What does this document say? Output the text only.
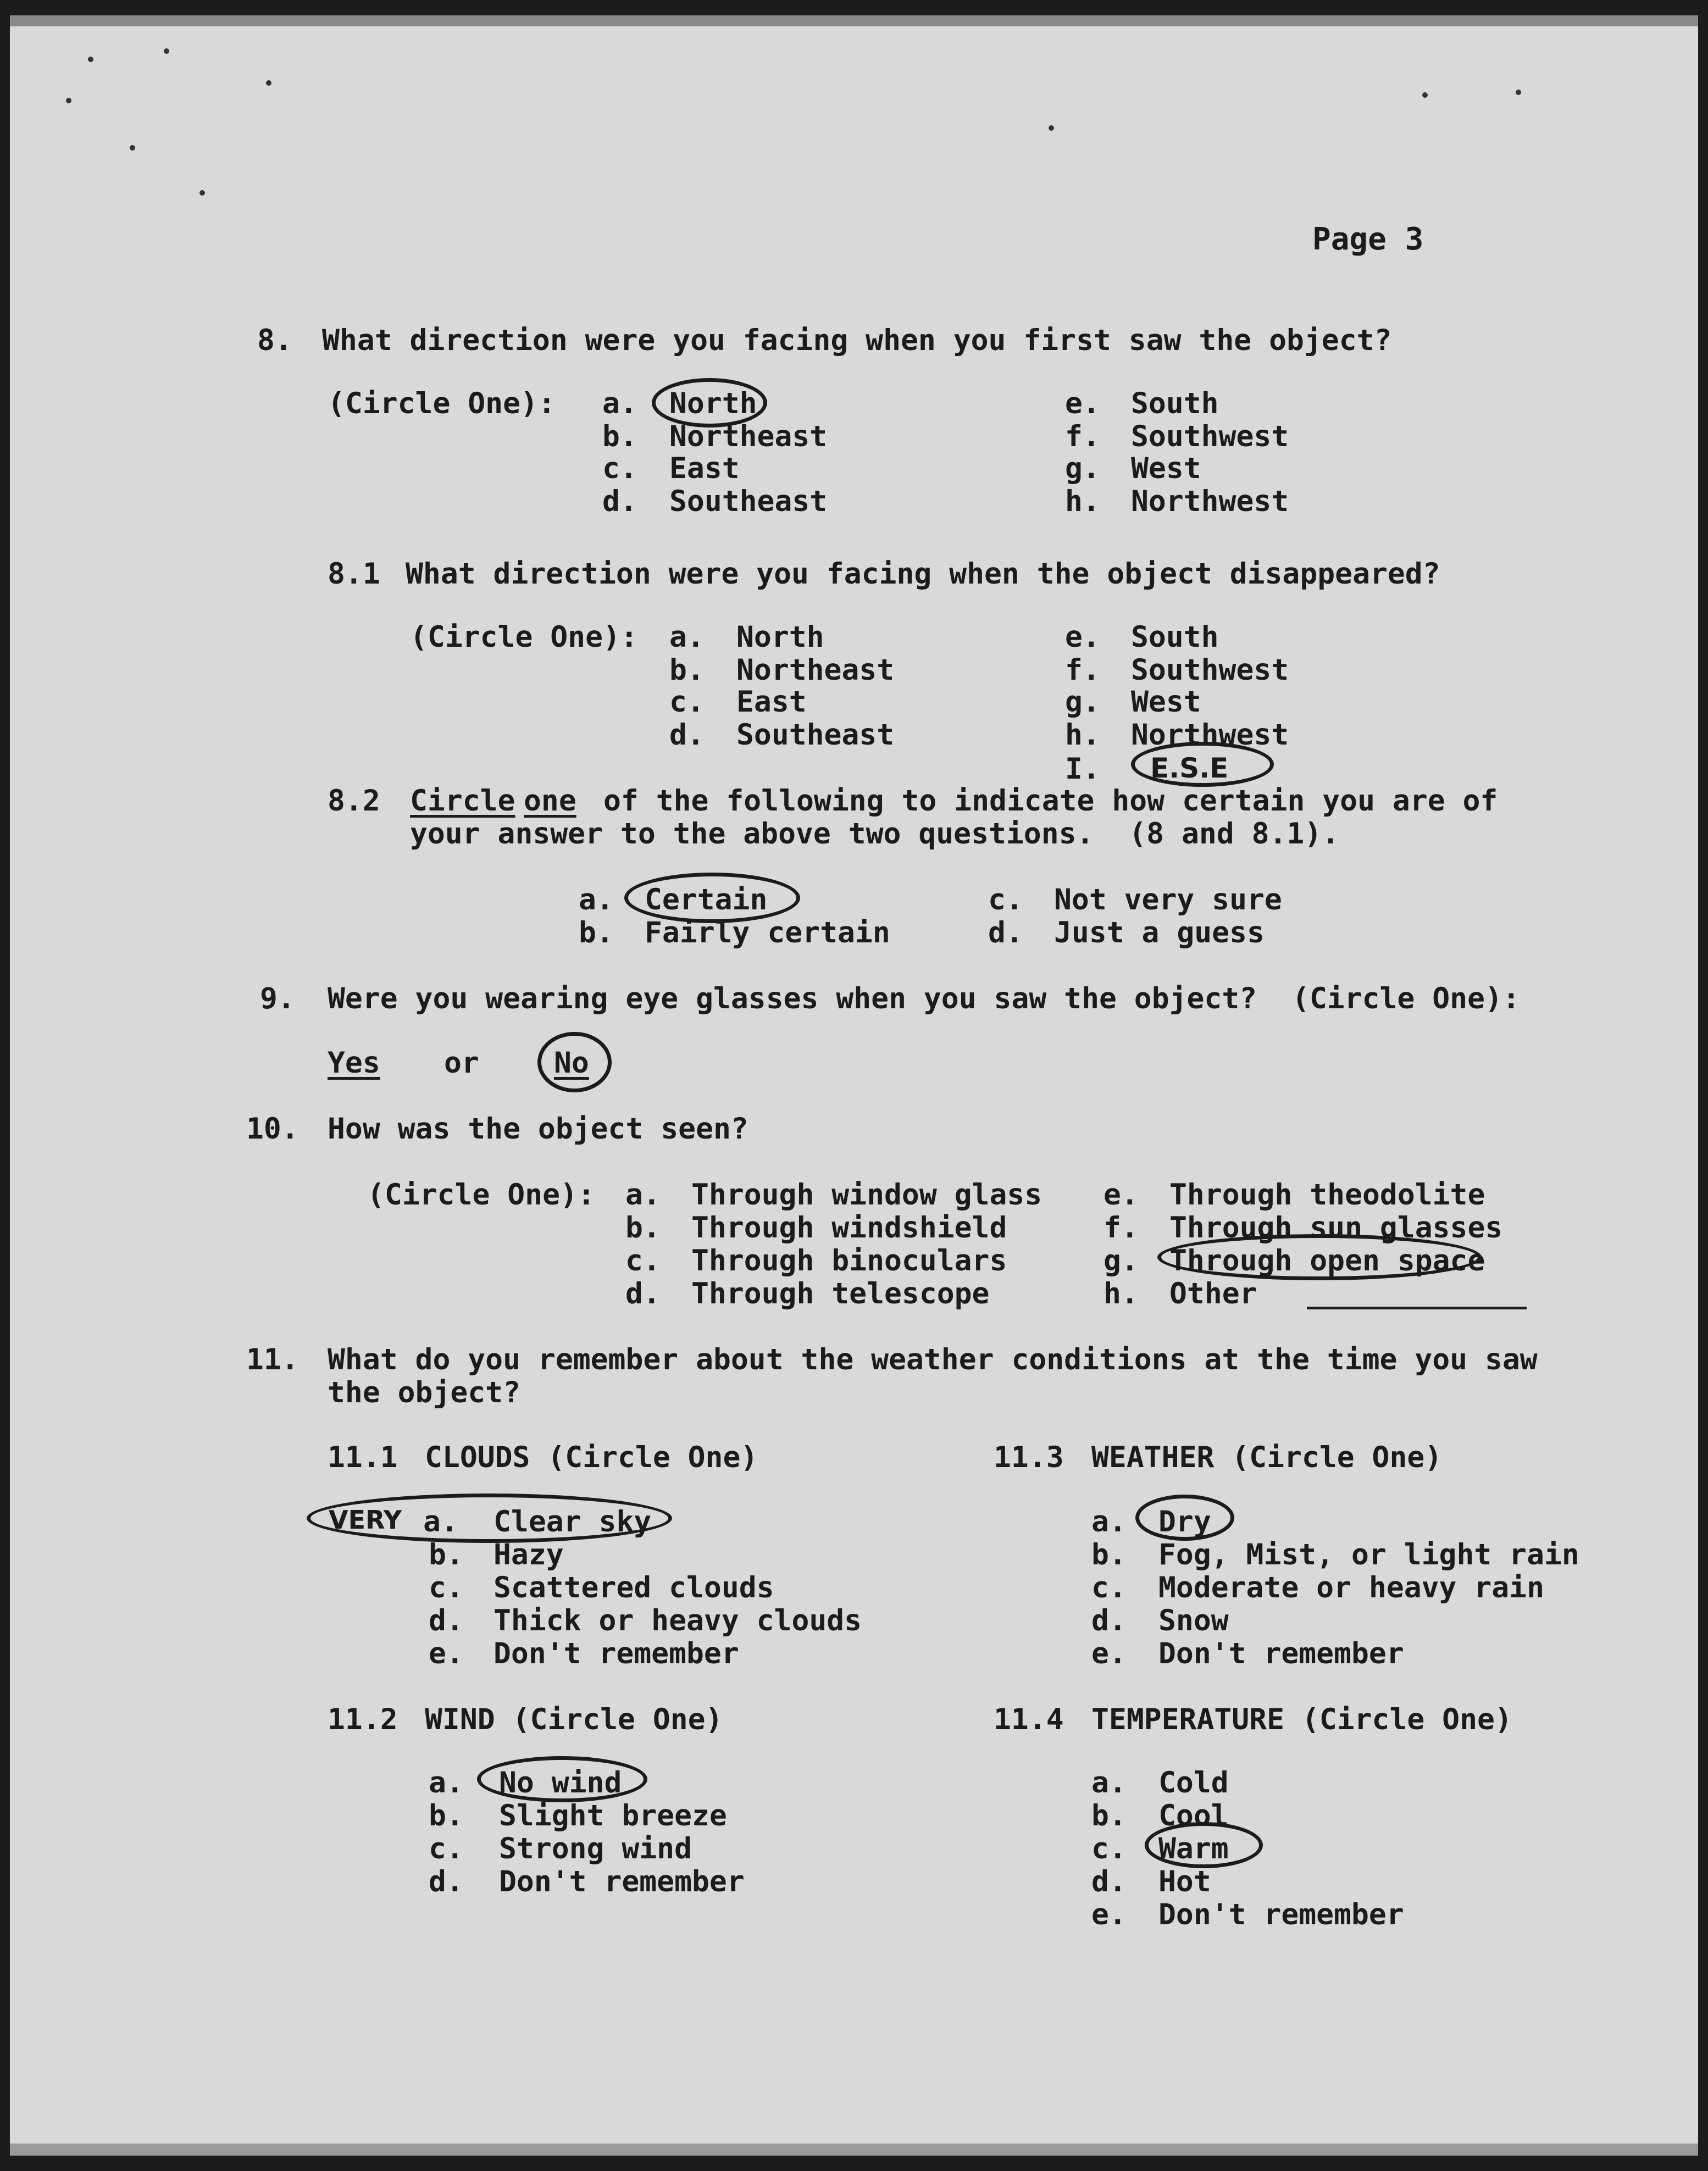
Page 3
8. What direction were you facing when you first saw the object?
(Circle One): a. North
b. Northeast
c. East
d. Southeast
e. South
f. Southwest
g. West
h. Northwest
8.1 What direction were you facing when the object disappeared?
(Circle One): a. North
b. Northeast
c. East
d. Southeast
e. South
f. Southwest
g. West
h. Northwest
I. E.S.E
8.2 Circle one of the following to indicate how certain you are of
your answer to the above two questions.  (8 and 8.1).
a. Certain
b. Fairly certain
c. Not very sure
d. Just a guess
9. Were you wearing eye glasses when you saw the object?  (Circle One):
Yes or	No
10. How was the object seen?
(Circle One): a. Through window glass
b. Through windshield
c. Through binoculars
d. Through telescope
e. Through theodolite
f. Through sun glasses
g. Through open space
h. Other
11. What do you remember about the weather conditions at the time you saw
the object?
11.1 CLOUDS (Circle One)
VERY a. Clear sky
b. Hazy
c. Scattered clouds
d. Thick or heavy clouds
e. Don't remember
11.2 WIND (Circle One)
a. No wind
b. Slight breeze
c. Strong wind
d. Don't remember
11.3 WEATHER (Circle One)
a. Dry
b. Fog, Mist, or light rain
c. Moderate or heavy rain
d. Snow
e. Don't remember
11.4 TEMPERATURE (Circle One)
a. Cold
b. Cool
c. Warm
d. Hot
e. Don't remember
